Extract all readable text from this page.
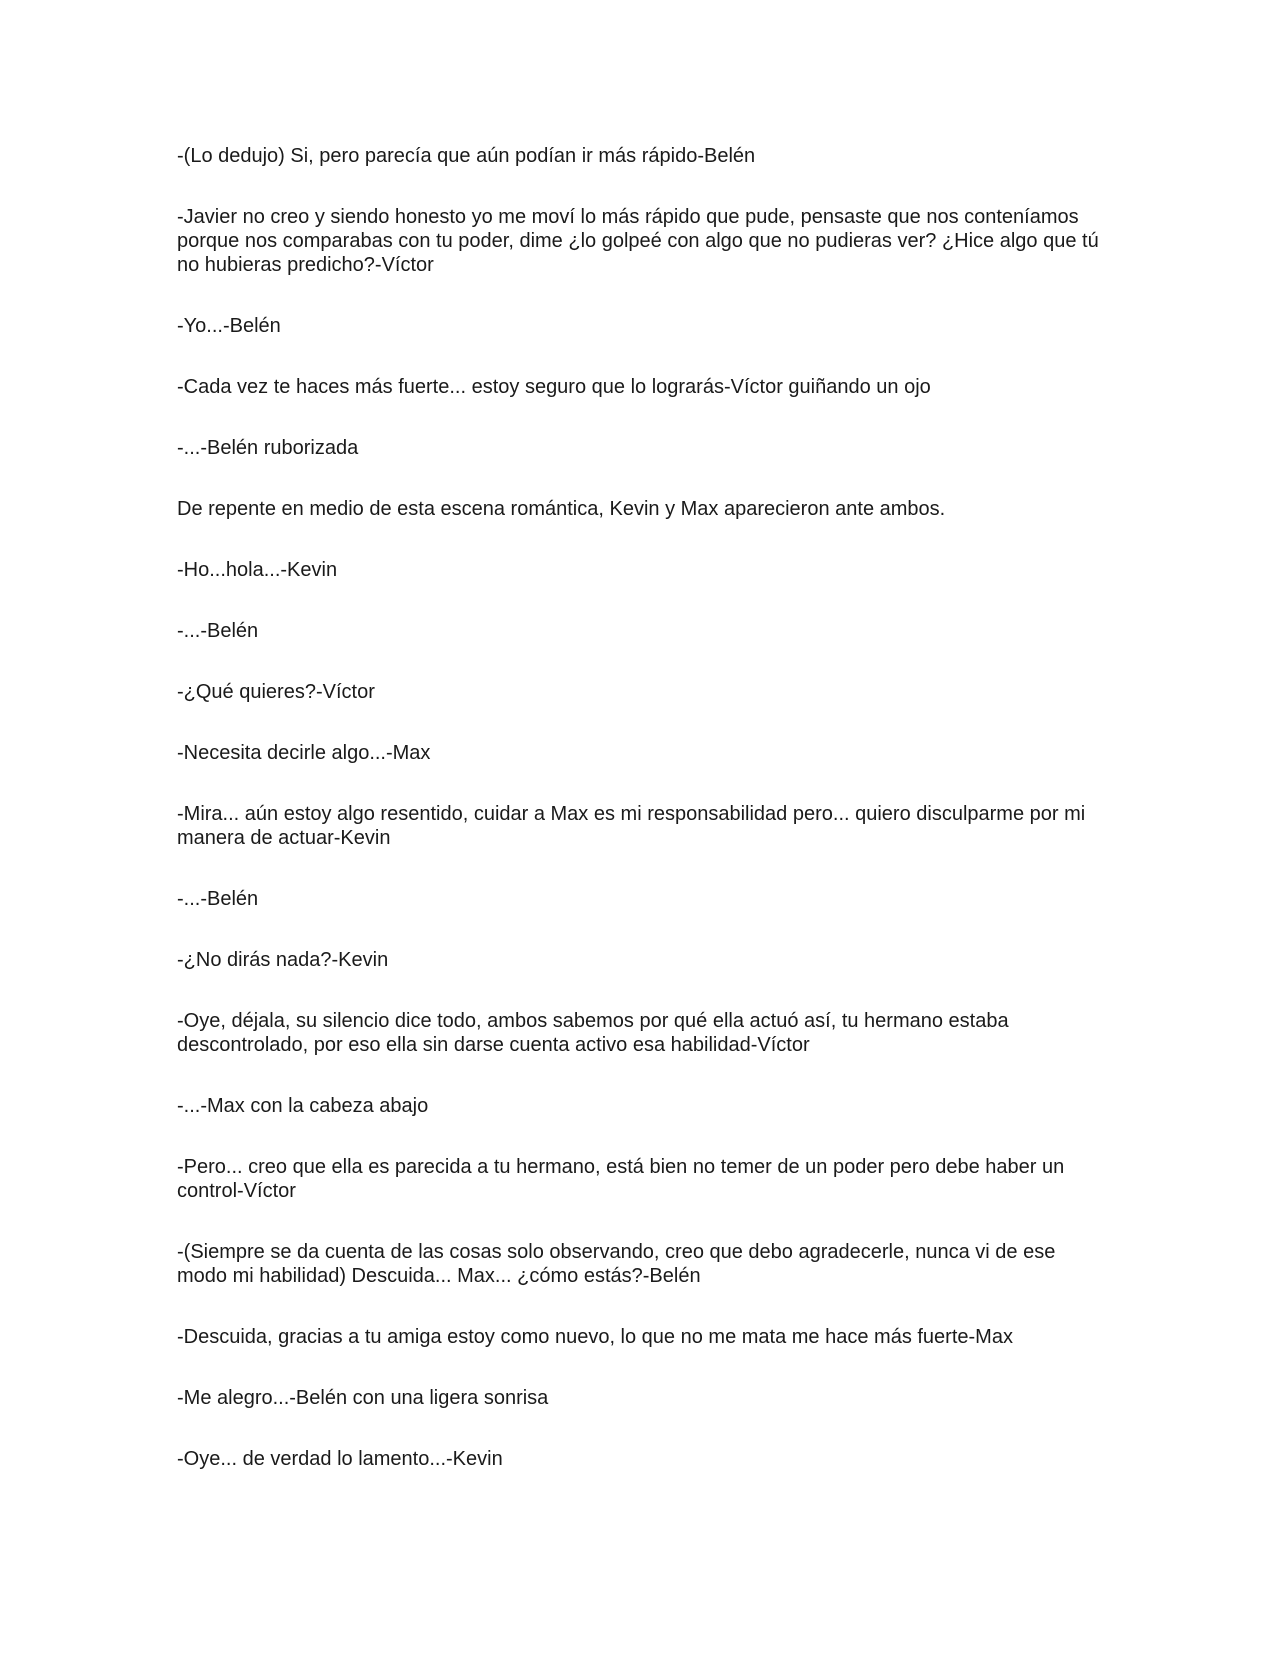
-(Lo dedujo) Si, pero parecía que aún podían ir más rápido-Belén

-Javier no creo y siendo honesto yo me moví lo más rápido que pude, pensaste que nos conteníamos porque nos comparabas con tu poder, dime ¿lo golpeé con algo que no pudieras ver? ¿Hice algo que tú no hubieras predicho?-Víctor

-Yo...-Belén

-Cada vez te haces más fuerte... estoy seguro que lo lograrás-Víctor guiñando un ojo

-...-Belén ruborizada

De repente en medio de esta escena romántica, Kevin y Max aparecieron ante ambos.

-Ho...hola...-Kevin

-...-Belén

-¿Qué quieres?-Víctor

-Necesita decirle algo...-Max

-Mira... aún estoy algo resentido, cuidar a Max es mi responsabilidad pero... quiero disculparme por mi manera de actuar-Kevin

-...-Belén

-¿No dirás nada?-Kevin

-Oye, déjala, su silencio dice todo, ambos sabemos por qué ella actuó así, tu hermano estaba descontrolado, por eso ella sin darse cuenta activo esa habilidad-Víctor

-...-Max con la cabeza abajo

-Pero... creo que ella es parecida a tu hermano, está bien no temer de un poder pero debe haber un control-Víctor

-(Siempre se da cuenta de las cosas solo observando, creo que debo agradecerle, nunca vi de ese modo mi habilidad) Descuida... Max... ¿cómo estás?-Belén

-Descuida, gracias a tu amiga estoy como nuevo, lo que no me mata me hace más fuerte-Max

-Me alegro...-Belén con una ligera sonrisa

-Oye... de verdad lo lamento...-Kevin
